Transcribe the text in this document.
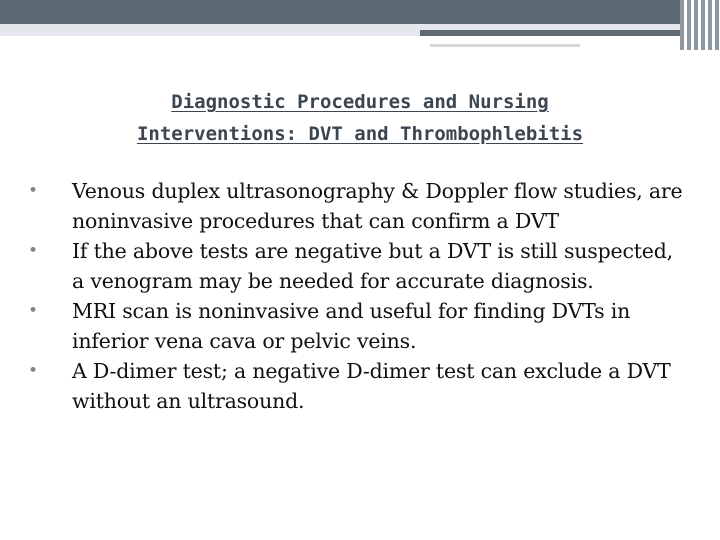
Diagnostic Procedures and Nursing
Interventions: DVT and Thrombophlebitis
•	Venous duplex ultrasonography & Doppler flow studies, are noninvasive procedures that can confirm a DVT
•	If the above tests are negative but a DVT is still suspected, a venogram may be needed for accurate diagnosis.
•	MRI scan is noninvasive and useful for finding DVTs in inferior vena cava or pelvic veins.
•	A D-dimer test; a negative D-dimer test can exclude a DVT without an ultrasound.
